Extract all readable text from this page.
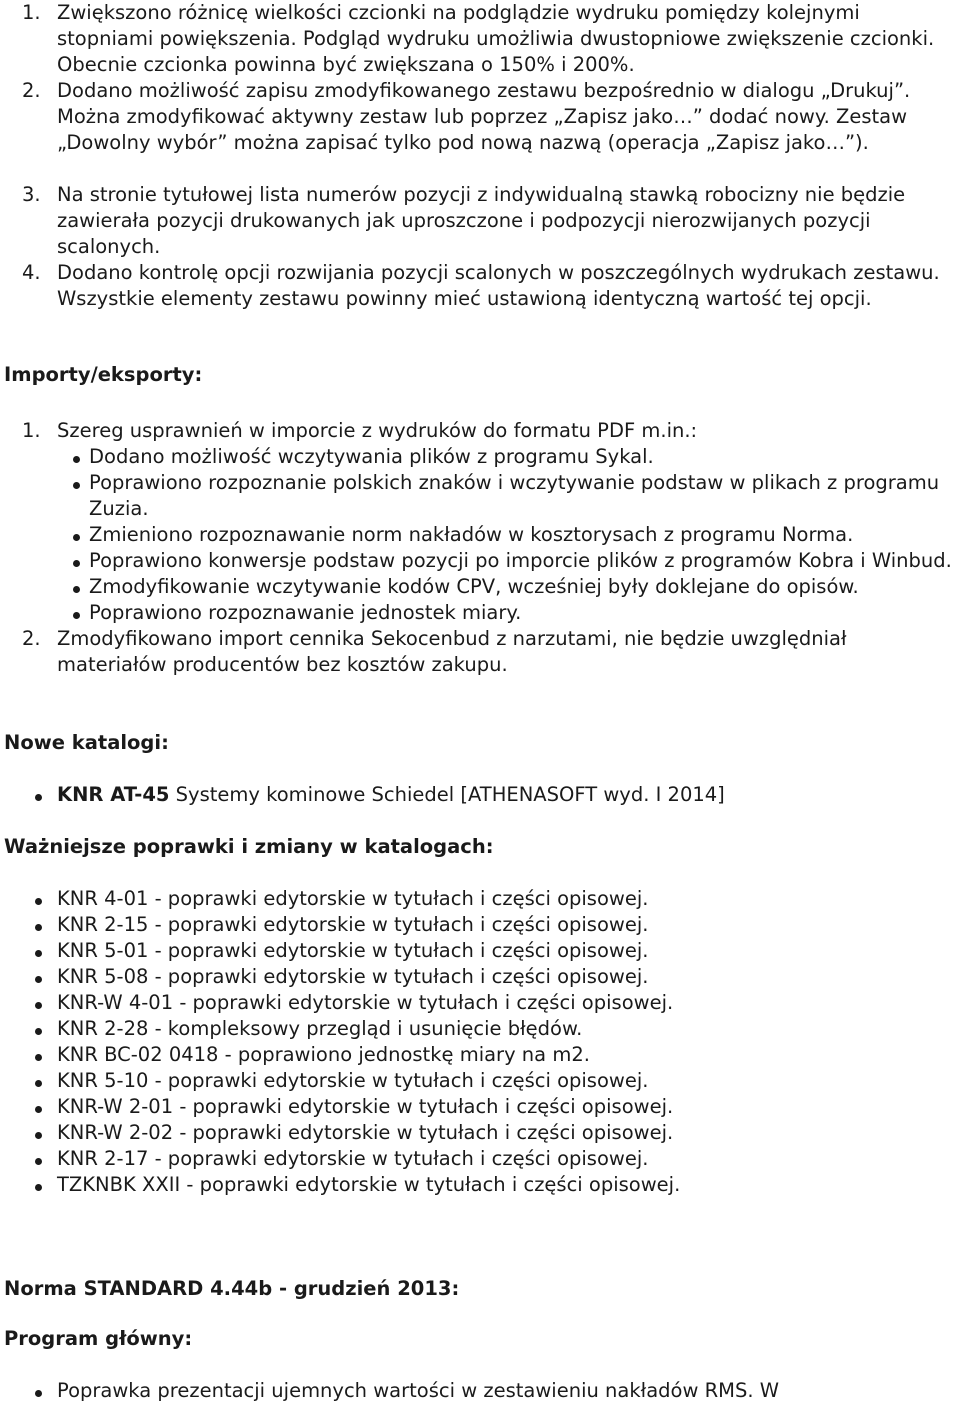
1. Zwiększono różnicę wielkości czcionki na podglądzie wydruku pomiędzy kolejnymi stopniami powiększenia. Podgląd wydruku umożliwia dwustopniowe zwiększenie czcionki. Obecnie czcionka powinna być zwiększana o 150% i 200%.
2. Dodano możliwość zapisu zmodyfikowanego zestawu bezpośrednio w dialogu „Drukuj”. Można zmodyfikować aktywny zestaw lub poprzez „Zapisz jako…” dodać nowy. Zestaw „Dowolny wybór” można zapisać tylko pod nową nazwą (operacja „Zapisz jako…”).
3. Na stronie tytułowej lista numerów pozycji z indywidualną stawką robocizny nie będzie zawierała pozycji drukowanych jak uproszczone i podpozycji nierozwijanych pozycji scalonych.
4. Dodano kontrolę opcji rozwijania pozycji scalonych w poszczególnych wydrukach zestawu. Wszystkie elementy zestawu powinny mieć ustawioną identyczną wartość tej opcji.
Importy/eksporty:
1. Szereg usprawnień w imporcie z wydruków do formatu PDF m.in.:
Dodano możliwość wczytywania plików z programu Sykal.
Poprawiono rozpoznanie polskich znaków i wczytywanie podstaw w plikach z programu Zuzia.
Zmieniono rozpoznawanie norm nakładów w kosztorysach z programu Norma.
Poprawiono konwersje podstaw pozycji po imporcie plików z programów Kobra i Winbud.
Zmodyfikowanie wczytywanie kodów CPV, wcześniej były doklejane do opisów.
Poprawiono rozpoznawanie jednostek miary.
2. Zmodyfikowano import cennika Sekocenbud z narzutami, nie będzie uwzględniał materiałów producentów bez kosztów zakupu.
Nowe katalogi:
KNR AT-45 Systemy kominowe Schiedel [ATHENASOFT wyd. I 2014]
Ważniejsze poprawki i zmiany w katalogach:
KNR 4-01 - poprawki edytorskie w tytułach i części opisowej.
KNR 2-15 - poprawki edytorskie w tytułach i części opisowej.
KNR 5-01 - poprawki edytorskie w tytułach i części opisowej.
KNR 5-08 - poprawki edytorskie w tytułach i części opisowej.
KNR-W 4-01 - poprawki edytorskie w tytułach i części opisowej.
KNR 2-28 - kompleksowy przegląd i usunięcie błędów.
KNR BC-02 0418 - poprawiono jednostkę miary na m2.
KNR 5-10 - poprawki edytorskie w tytułach i części opisowej.
KNR-W 2-01 - poprawki edytorskie w tytułach i części opisowej.
KNR-W 2-02 - poprawki edytorskie w tytułach i części opisowej.
KNR 2-17 - poprawki edytorskie w tytułach i części opisowej.
TZKNBK XXII - poprawki edytorskie w tytułach i części opisowej.
Norma STANDARD 4.44b - grudzień 2013:
Program główny:
Poprawka prezentacji ujemnych wartości w zestawieniu nakładów RMS. W
